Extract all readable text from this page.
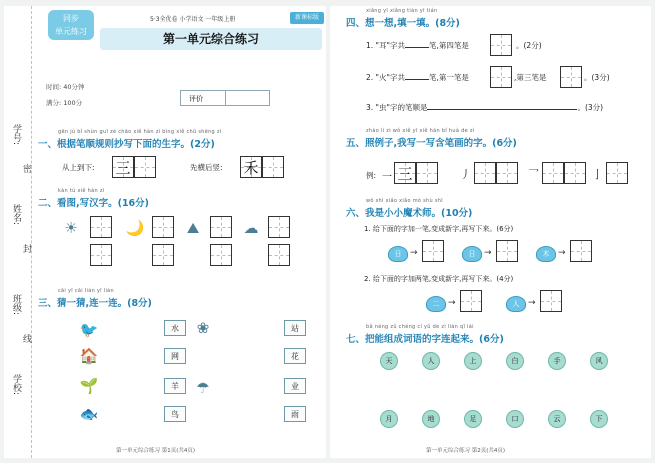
学校:
班级:
姓名:
学号:
密
封
线
同步
单元练习
5·3全优卷 小学语文 一年级上册	新课标版
第一单元综合练习
时间: 40分钟
满分: 100分	评价
gēn jù bǐ shùn guī zé chāo xiě hàn zì bìng xiě chū shēng zì
一、根据笔顺规则抄写下面的生字。(2分)
从上到下: 三	先横后竖: 禾
kàn tú xiě hàn zì
二、看图,写汉字。(16分)
☀	🌙	⛰	☁
cāi yī cāi lián yī lián
三、猜一猜,连一连。(8分)
🐦
🏠
🌱
🐟
水
网
羊
鸟
❀
☂
站
花
业
雨
第一单元综合练习 第1页(共4页)
xiǎng yī xiǎng tián yī tián
四、想一想,填一填。(8分)
1. "耳"字共	笔,第四笔是	。(2分)
2. "火"字共	笔,第一笔是	,第三笔是	。(3分)
3. "虫"字的笔顺是	。(3分)
zhào lì zi wǒ xiě yī xiě hán bǐ huà de zì
五、照例子,我写一写含笔画的字。(6分)
例: 一 三	丿	乛	亅
wǒ shì xiǎo xiǎo mó shù shī
六、我是小小魔术师。(10分)
1. 给下面的字加一笔,变成新字,再写下来。(6分)
日 →	日 →	木 →
2. 给下面的字加两笔,变成新字,再写下来。(4分)
二 →	人 →
bǎ néng zǔ chéng cí yǔ de zì lián qǐ lái
七、把能组成词语的字连起来。(6分)
天	人	上	白	手	风
月	地	足	口	云	下
第一单元综合练习 第2页(共4页)
